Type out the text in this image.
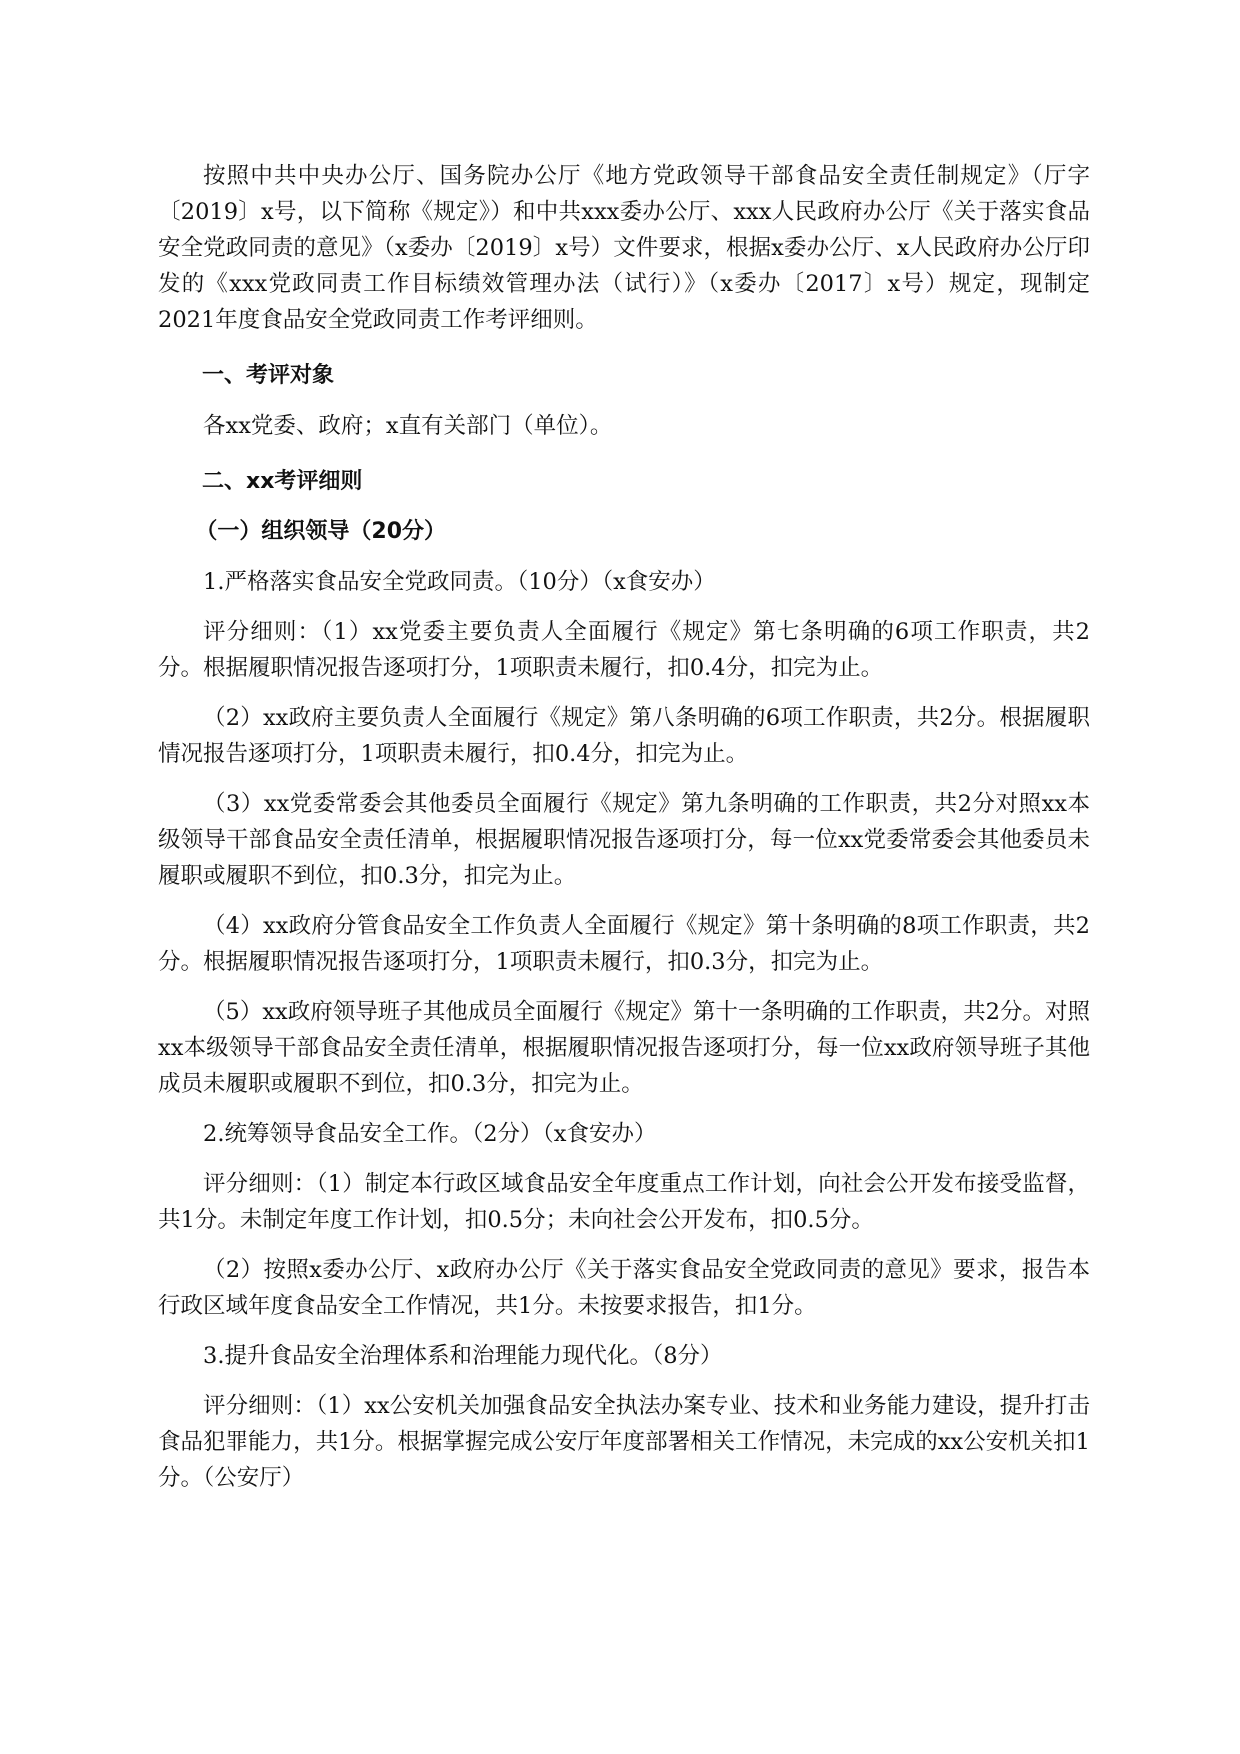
按照中共中央办公厅、国务院办公厅《地方党政领导干部食品安全责任制规定》（厅字〔2019〕x号，以下简称《规定》）和中共xxx委办公厅、xxx人民政府办公厅《关于落实食品安全党政同责的意见》（x委办〔2019〕x号）文件要求，根据x委办公厅、x人民政府办公厅印发的《xxx党政同责工作目标绩效管理办法（试行）》（x委办〔2017〕x号）规定，现制定2021年度食品安全党政同责工作考评细则。

一、考评对象

各xx党委、政府；x直有关部门（单位）。

二、xx考评细则

（一）组织领导（20分）

1.严格落实食品安全党政同责。（10分）（x食安办）

评分细则：（1）xx党委主要负责人全面履行《规定》第七条明确的6项工作职责，共2分。根据履职情况报告逐项打分，1项职责未履行，扣0.4分，扣完为止。

（2）xx政府主要负责人全面履行《规定》第八条明确的6项工作职责，共2分。根据履职情况报告逐项打分，1项职责未履行，扣0.4分，扣完为止。

（3）xx党委常委会其他委员全面履行《规定》第九条明确的工作职责，共2分对照xx本级领导干部食品安全责任清单，根据履职情况报告逐项打分，每一位xx党委常委会其他委员未履职或履职不到位，扣0.3分，扣完为止。

（4）xx政府分管食品安全工作负责人全面履行《规定》第十条明确的8项工作职责，共2分。根据履职情况报告逐项打分，1项职责未履行，扣0.3分，扣完为止。

（5）xx政府领导班子其他成员全面履行《规定》第十一条明确的工作职责，共2分。对照xx本级领导干部食品安全责任清单，根据履职情况报告逐项打分，每一位xx政府领导班子其他成员未履职或履职不到位，扣0.3分，扣完为止。

2.统筹领导食品安全工作。（2分）（x食安办）

评分细则：（1）制定本行政区域食品安全年度重点工作计划，向社会公开发布接受监督，共1分。未制定年度工作计划，扣0.5分；未向社会公开发布，扣0.5分。

（2）按照x委办公厅、x政府办公厅《关于落实食品安全党政同责的意见》要求，报告本行政区域年度食品安全工作情况，共1分。未按要求报告，扣1分。

3.提升食品安全治理体系和治理能力现代化。（8分）

评分细则：（1）xx公安机关加强食品安全执法办案专业、技术和业务能力建设，提升打击食品犯罪能力，共1分。根据掌握完成公安厅年度部署相关工作情况，未完成的xx公安机关扣1分。（公安厅）
